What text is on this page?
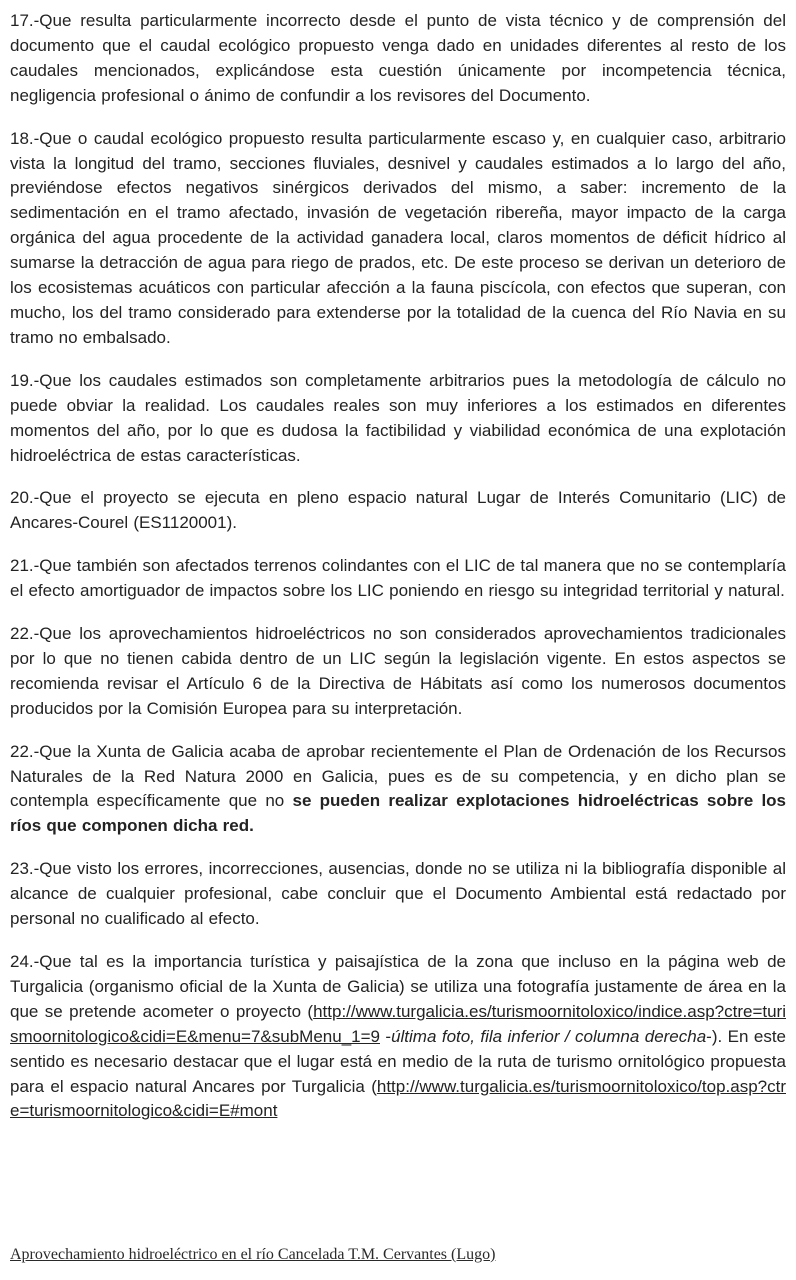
17.-Que resulta particularmente incorrecto desde el punto de vista técnico y de comprensión del documento que el caudal ecológico propuesto venga dado en unidades diferentes al resto de los caudales mencionados, explicándose esta cuestión únicamente por incompetencia técnica, negligencia profesional o ánimo de confundir a los revisores del Documento.

18.-Que o caudal ecológico propuesto resulta particularmente escaso y, en cualquier caso, arbitrario vista la longitud del tramo, secciones fluviales, desnivel y caudales estimados a lo largo del año, previéndose efectos negativos sinérgicos derivados del mismo, a saber: incremento de la sedimentación en el tramo afectado, invasión de vegetación ribereña, mayor impacto de la carga orgánica del agua procedente de la actividad ganadera local, claros momentos de déficit hídrico al sumarse la detracción de agua para riego de prados, etc. De este proceso se derivan un deterioro de los ecosistemas acuáticos con particular afección a la fauna piscícola, con efectos que superan, con mucho, los del tramo considerado para extenderse por la totalidad de la cuenca del Río Navia en su tramo no embalsado.

19.-Que los caudales estimados son completamente arbitrarios pues la metodología de cálculo no puede obviar la realidad. Los caudales reales son muy inferiores a los estimados en diferentes momentos del año, por lo que es dudosa la factibilidad y viabilidad económica de una explotación hidroeléctrica de estas características.

20.-Que el proyecto se ejecuta en pleno espacio natural Lugar de Interés Comunitario (LIC) de Ancares-Courel (ES1120001).

21.-Que también son afectados terrenos colindantes con el LIC de tal manera que no se contemplaría el efecto amortiguador de impactos sobre los LIC poniendo en riesgo su integridad territorial y natural.

22.-Que los aprovechamientos hidroeléctricos no son considerados aprovechamientos tradicionales por lo que no tienen cabida dentro de un LIC según la legislación vigente. En estos aspectos se recomienda revisar el Artículo 6 de la Directiva de Hábitats así como los numerosos documentos producidos por la Comisión Europea para su interpretación.

22.-Que la Xunta de Galicia acaba de aprobar recientemente el Plan de Ordenación de los Recursos Naturales de la Red Natura 2000 en Galicia, pues es de su competencia, y en dicho plan se contempla específicamente que no se pueden realizar explotaciones hidroeléctricas sobre los ríos que componen dicha red.

23.-Que visto los errores, incorrecciones, ausencias, donde no se utiliza ni la bibliografía disponible al alcance de cualquier profesional, cabe concluir que el Documento Ambiental está redactado por personal no cualificado al efecto.

24.-Que tal es la importancia turística y paisajística de la zona que incluso en la página web de Turgalicia (organismo oficial de la Xunta de Galicia) se utiliza una fotografía justamente de área en la que se pretende acometer o proyecto (http://www.turgalicia.es/turismoornitoloxico/indice.asp?ctre=turismoornitologico&cidi=E&menu=7&subMenu_1=9 -última foto, fila inferior / columna derecha-). En este sentido es necesario destacar que el lugar está en medio de la ruta de turismo ornitológico propuesta para el espacio natural Ancares por Turgalicia (http://www.turgalicia.es/turismoornitoloxico/top.asp?ctre=turismoornitologico&cidi=E#mont

Aprovechamiento hidroeléctrico en el río Cancelada T.M. Cervantes (Lugo)
